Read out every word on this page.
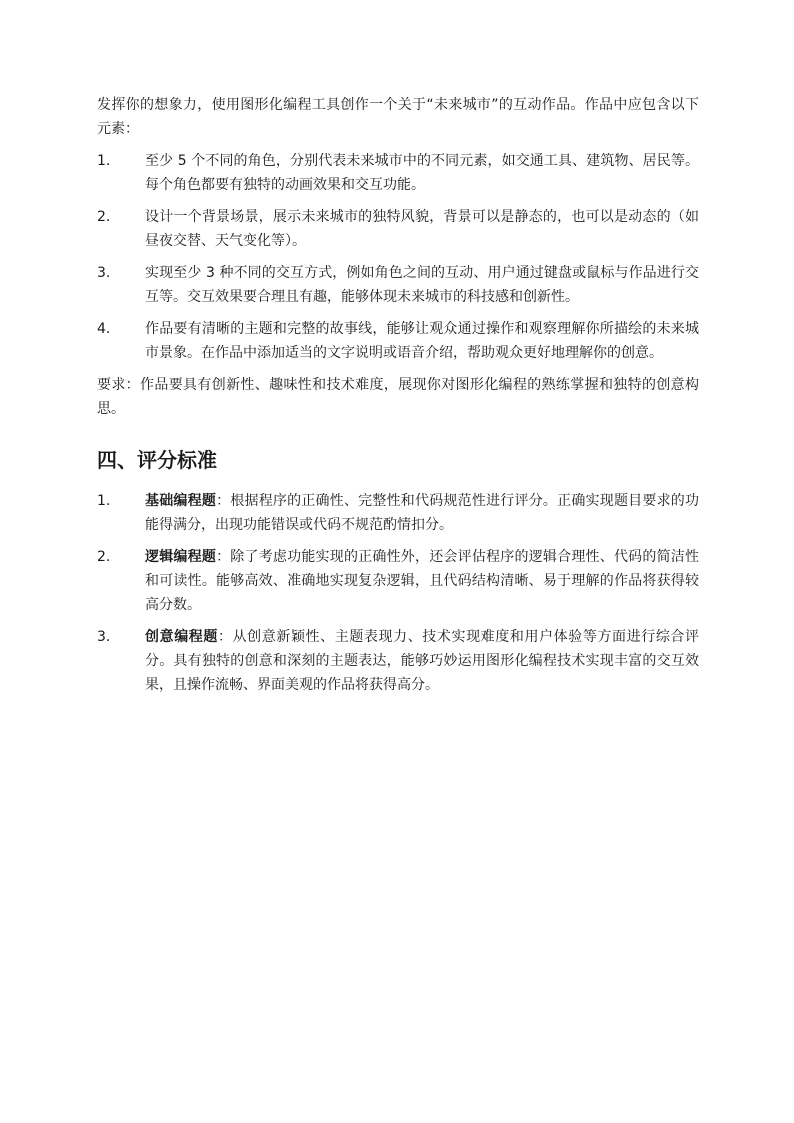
发挥你的想象力，使用图形化编程工具创作一个关于“未来城市”的互动作品。作品中应包含以下元素：

1.	至少 5 个不同的角色，分别代表未来城市中的不同元素，如交通工具、建筑物、居民等。每个角色都要有独特的动画效果和交互功能。
2.	设计一个背景场景，展示未来城市的独特风貌，背景可以是静态的，也可以是动态的（如昼夜交替、天气变化等）。
3.	实现至少 3 种不同的交互方式，例如角色之间的互动、用户通过键盘或鼠标与作品进行交互等。交互效果要合理且有趣，能够体现未来城市的科技感和创新性。
4.	作品要有清晰的主题和完整的故事线，能够让观众通过操作和观察理解你所描绘的未来城市景象。在作品中添加适当的文字说明或语音介绍，帮助观众更好地理解你的创意。

要求：作品要具有创新性、趣味性和技术难度，展现你对图形化编程的熟练掌握和独特的创意构思。

四、评分标准
1.	基础编程题：根据程序的正确性、完整性和代码规范性进行评分。正确实现题目要求的功能得满分，出现功能错误或代码不规范酌情扣分。
2.	逻辑编程题：除了考虑功能实现的正确性外，还会评估程序的逻辑合理性、代码的简洁性和可读性。能够高效、准确地实现复杂逻辑，且代码结构清晰、易于理解的作品将获得较高分数。
3.	创意编程题：从创意新颖性、主题表现力、技术实现难度和用户体验等方面进行综合评分。具有独特的创意和深刻的主题表达，能够巧妙运用图形化编程技术实现丰富的交互效果，且操作流畅、界面美观的作品将获得高分。
